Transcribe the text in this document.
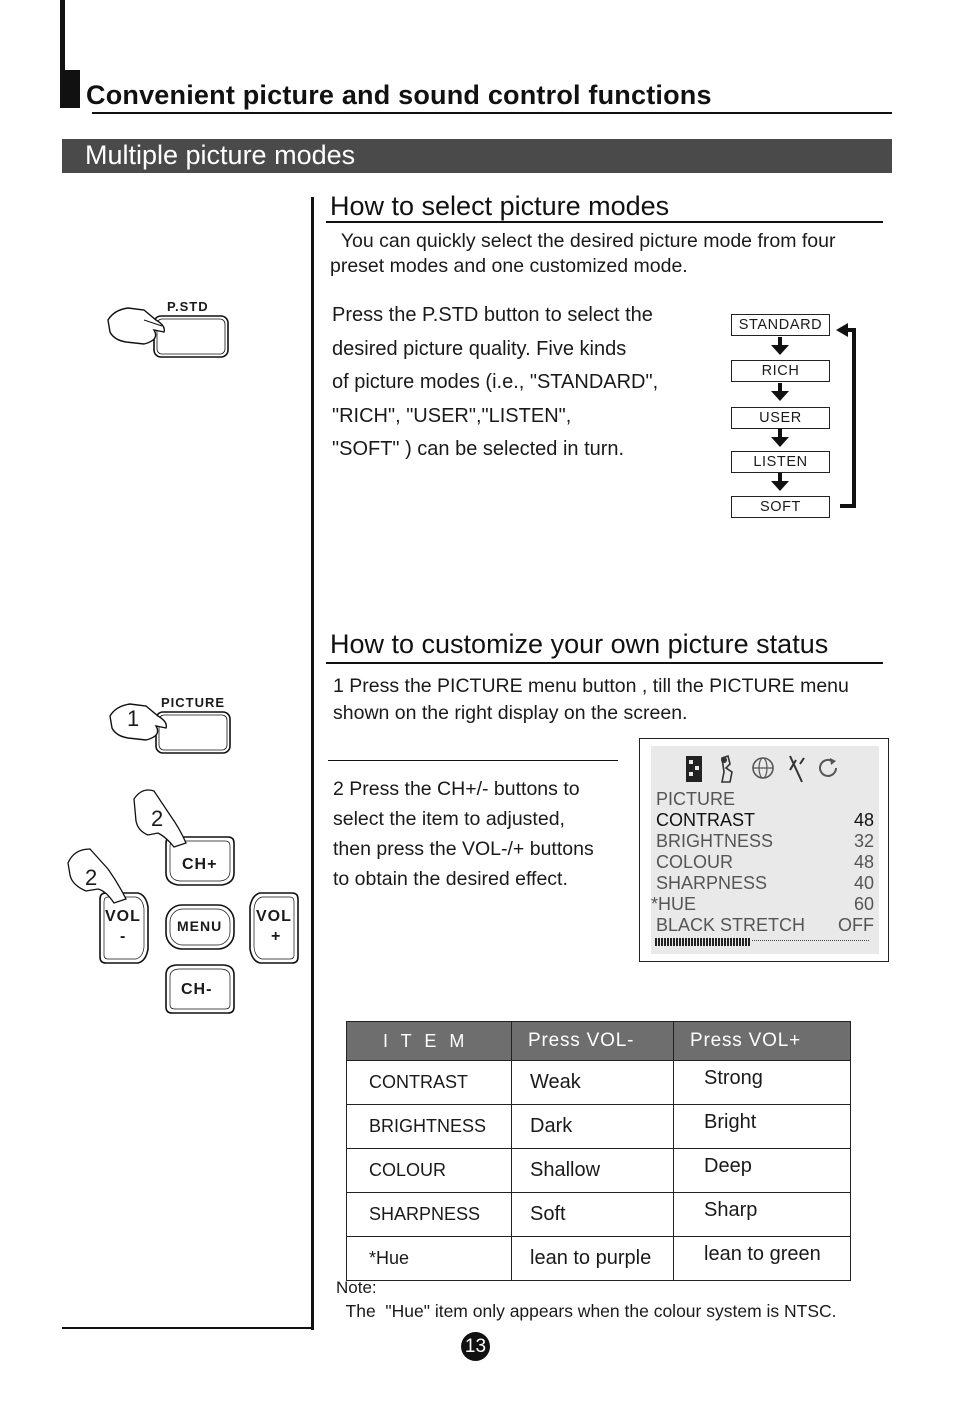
Convenient picture and sound control functions
Multiple picture modes
P.STD
How to select picture modes
You can quickly select the desired picture mode from four preset modes and one customized mode.
Press the P.STD button to select the
desired picture quality. Five kinds
of picture modes (i.e., "STANDARD",
"RICH", "USER","LISTEN",
"SOFT" ) can be selected in turn.
STANDARD
RICH
USER
LISTEN
SOFT
How to customize your own picture status
1 Press the PICTURE menu button , till the PICTURE menu shown on the right display on the screen.
2 Press the CH+/- buttons to
select the item to adjusted,
then press the VOL-/+ buttons
to obtain the desired effect.
PICTURE
1
2
2
CH+
CH-
MENU
VOL
-
VOL
+
PICTURE
CONTRAST	48
BRIGHTNESS	32
COLOUR	48
SHARPNESS	40
*HUE	60
BLACK STRETCH OFF
I T E M	Press VOL-	Press VOL+
CONTRAST	Weak	Strong
BRIGHTNESS	Dark	Bright
COLOUR	Shallow	Deep
SHARPNESS	Soft	Sharp
*Hue	lean to purple	lean to green
Note:
The  "Hue" item only appears when the colour system is NTSC.
13
